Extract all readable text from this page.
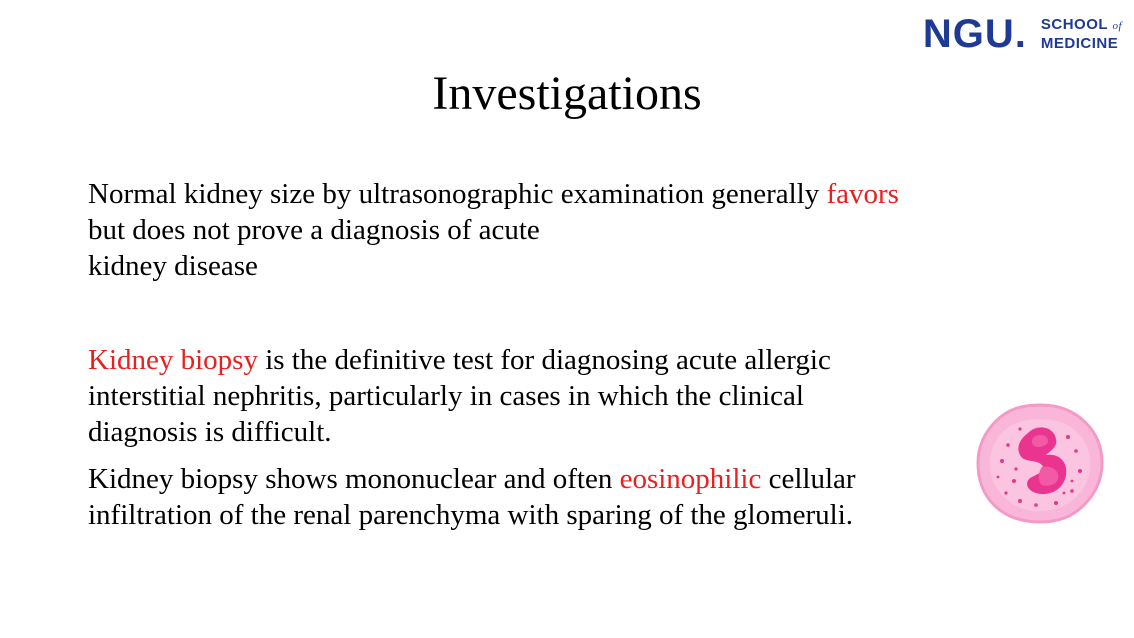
NGU. SCHOOL of
MEDICINE
Investigations
Normal kidney size by ultrasonographic examination generally favors
but does not prove a diagnosis of acute
kidney disease
Kidney biopsy is the definitive test for diagnosing acute allergic
interstitial nephritis, particularly in cases in which the clinical
diagnosis is difficult.
Kidney biopsy shows mononuclear and often eosinophilic cellular
infiltration of the renal parenchyma with sparing of the glomeruli.
